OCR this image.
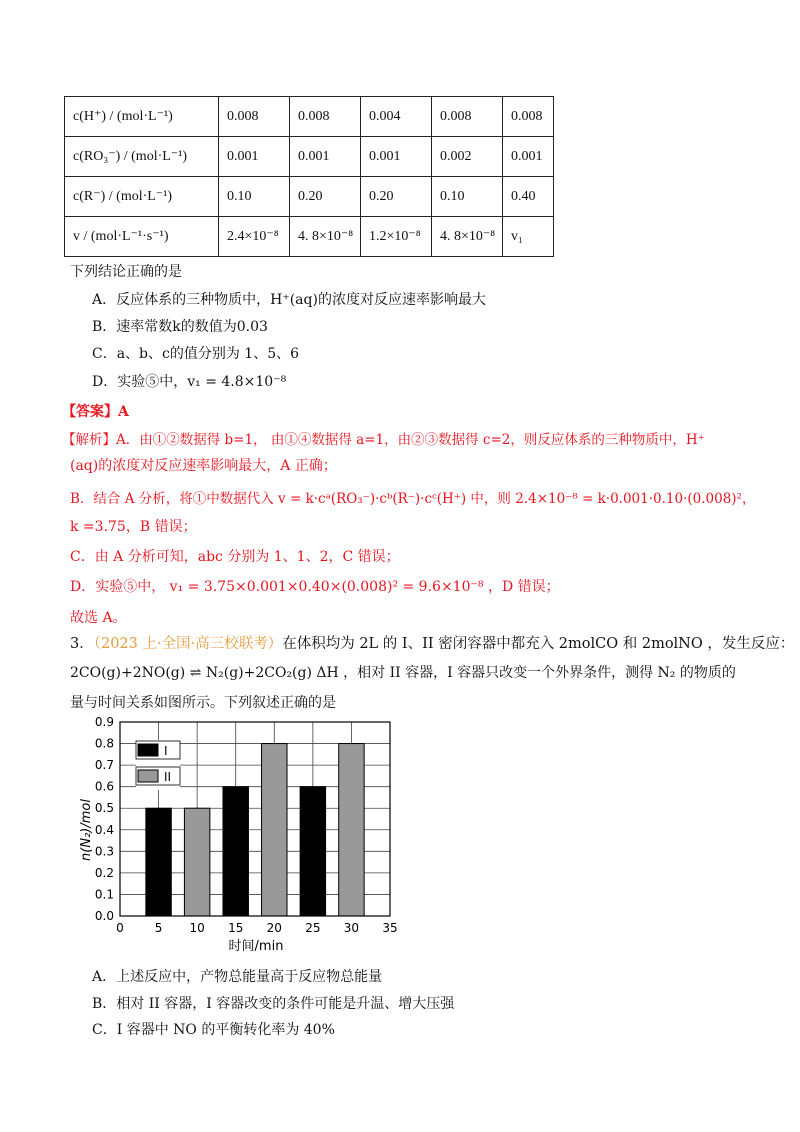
c(H⁺) / (mol·L⁻¹)	0.008	0.008	0.004	0.008	0.008
c(RO₃⁻) / (mol·L⁻¹)	0.001	0.001	0.001	0.002	0.001
c(R⁻) / (mol·L⁻¹)	0.10	0.20	0.20	0.10	0.40
v / (mol·L⁻¹·s⁻¹)	2.4×10⁻⁸	4. 8×10⁻⁸	1.2×10⁻⁸	4. 8×10⁻⁸	v₁
下列结论正确的是
A．反应体系的三种物质中，H⁺(aq)的浓度对反应速率影响最大
B．速率常数k的数值为0.03
C．a、b、c的值分别为 1、5、6
D．实验⑤中，v₁ = 4.8×10⁻⁸
【答案】A
【解析】A．由①②数据得 b=1， 由①④数据得 a=1，由②③数据得 c=2，则反应体系的三种物质中，H⁺
(aq)的浓度对反应速率影响最大，A 正确；
B．结合 A 分析，将①中数据代入 v = k·cᵃ(RO₃⁻)·cᵇ(R⁻)·cᶜ(H⁺) 中，则 2.4×10⁻⁸ = k·0.001·0.10·(0.008)²，
k =3.75，B 错误；
C．由 A 分析可知，abc 分别为 1、1、2，C 错误；
D．实验⑤中， v₁ = 3.75×0.001×0.40×(0.008)² = 9.6×10⁻⁸ ，D 错误；
故选 A。
3．（2023 上·全国·高三校联考）在体积均为 2L 的 I、II 密闭容器中都充入 2molCO 和 2molNO ，发生反应：
2CO(g)+2NO(g) ⇌ N₂(g)+2CO₂(g) ΔH ，相对 II 容器，I 容器只改变一个外界条件，测得 N₂ 的物质的
量与时间关系如图所示。下列叙述正确的是
0	5 10 15 20 25 30 35
0.0
0.1
0.2
0.3
0.4
0.5
0.6
0.7
0.8
0.9
I
II
时间/min
n(N₂)/mol
A．上述反应中，产物总能量高于反应物总能量
B．相对 II 容器，I 容器改变的条件可能是升温、增大压强
C．I 容器中 NO 的平衡转化率为 40%
